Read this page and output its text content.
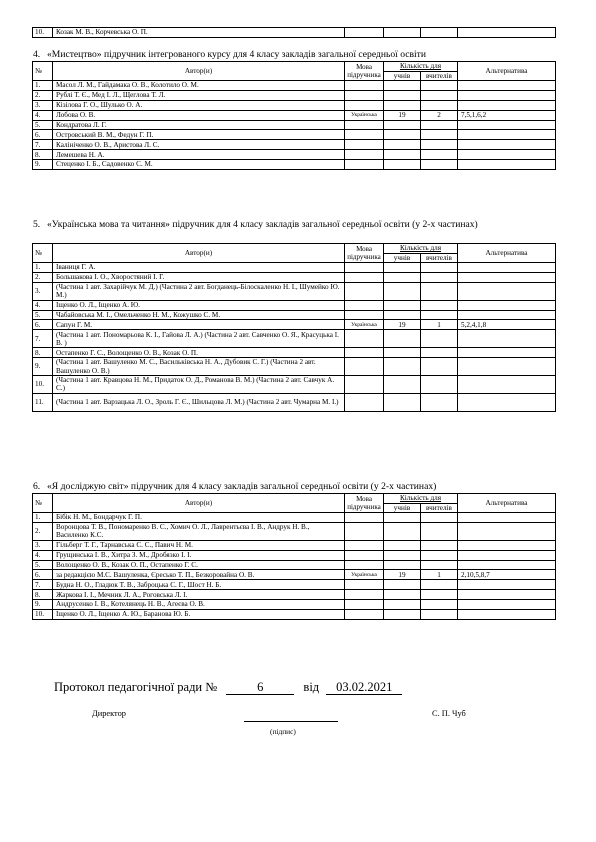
10.	Козак М. В., Корчевська О. П.				
4. «Мистецтво» підручник інтегрованого курсу для 4 класу закладів загальної середньої освіти
№	Автор(и)	Мова підручника	Кількість для		Альтернатива
			учнів	вчителів	
1.	Масол Л. М., Гайдамака О. В., Колотило О. М.				
2.	Рублі Т. Є., Мед І. Л., Щеглова Т. Л.				
3.	Кізілова Г. О., Шулько О. А.				
4.	Лобова О. В.	Українська	19	2	7,5,1,6,2
5.	Кондратова Л. Г.				
6.	Островський В. М., Федун Г. П.				
7.	Калініченко О. В., Аристова Л. С.				
8.	Лемешева Н. А.				
9.	Стеценко І. Б., Садовенко С. М.				
5. «Українська мова та читання» підручник для 4 класу закладів загальної середньої освіти (у 2-х частинах)
№	Автор(и)	Мова підручника	Кількість для		Альтернатива
			учнів	вчителів	
1.	Іваниця Г. А.				
2.	Большакова І. О., Хворостяний І. Г.				
3.	(Частина 1 авт. Захарійчук М. Д.) (Частина 2 авт. Богданець-Білоскаленко Н. І., Шумейко Ю. М.)				
4.	Іщенко О. Л., Іщенко А. Ю.				
5.	Чабайовська М. І., Омельченко Н. М., Кожушко С. М.				
6.	Сапун Г. М.	Українська	19	1	5,2,4,1,8
7.	(Частина 1 авт. Пономарьова К. І., Гайова Л. А.) (Частина 2 авт. Савченко О. Я., Красуцька І. В. )				
8.	Остапенко Г. С., Волощенко О. В., Козак О. П.				
9.	(Частина 1 авт. Вашуленко М. С., Васильківська Н. А., Дубовик С. Г.) (Частина 2 авт. Вашуленко О. В.)				
10.	(Частина 1 авт. Кравцова Н. М., Придаток О. Д., Романова В. М.) (Частина 2 авт. Савчук А. С.)				
11.	(Частина 1 авт. Варзацька Л. О., Зроль Г. Є., Шильцова Л. М.) (Частина 2 авт. Чумарна М. І.)				
6. «Я досліджую світ» підручник для 4 класу закладів загальної середньої освіти (у 2-х частинах)
№	Автор(и)	Мова підручника	Кількість для		Альтернатива
			учнів	вчителів	
1.	Бібік Н. М., Бондарчук Г. П.				
2.	Воронцова Т. В., Пономаренко В. С., Хомич О. Л., Лаврентьєва І. В., Андрук Н. В., Василенко К.С.				
3.	Гільберг Т. Г., Тарнавська С. С., Павич Н. М.				
4.	Грущинська І. В., Хитра З. М., Дробязко І. І.				
5.	Волощенко О. В., Козак О. П., Остапенко Г. С.				
6.	за редакцією М.С. Вашуленка, Єресько Т. П., Безкоровайна О. В.	Українська	19	1	2,10,5,8,7
7.	Будна Н. О., Гладюк Т. В., Заброцька С. Г., Шост Н. Б.				
8.	Жаркова І. І., Мечник Л. А., Роговська Л. І.				
9.	Андрусенко І. В., Котелянець Н. В., Агеєва О. В.				
10.	Іщенко О. Л., Іщенко А. Ю., Баранова Ю. Б.				
Протокол педагогічної ради №	6	від 03.02.2021
Директор
(підпис)
С. П. Чуб
